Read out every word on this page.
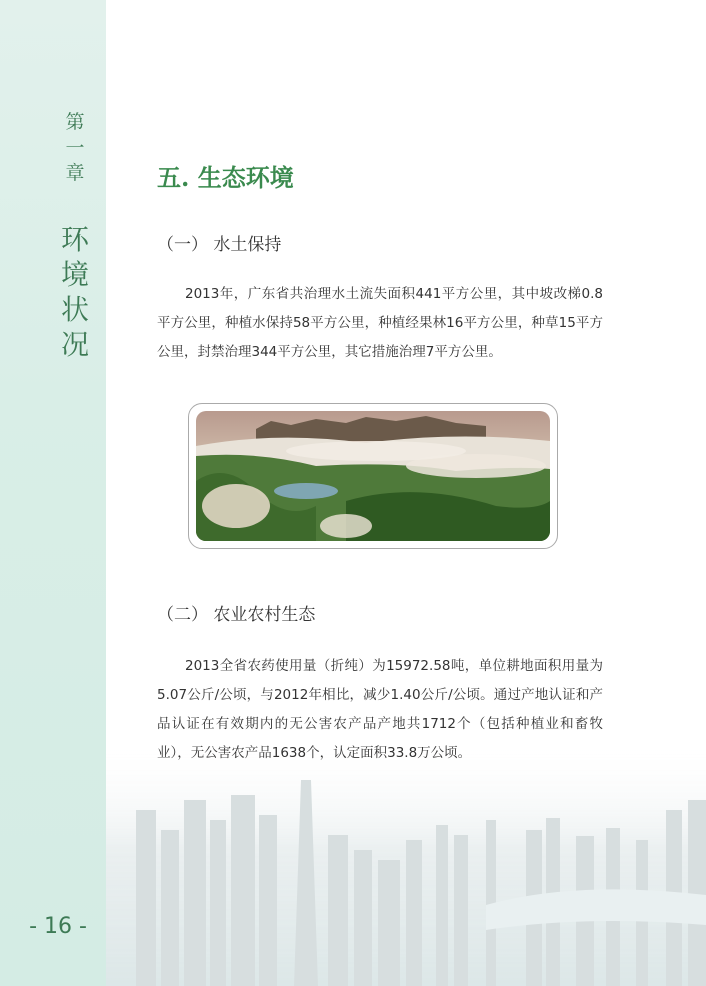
第
一
章
环
境
状
况
- 16 -
五. 生态环境
（一） 水土保持
2013年，广东省共治理水土流失面积441平方公里，其中坡改梯0.8平方公里，种植水保持58平方公里，种植经果林16平方公里，种草15平方公里，封禁治理344平方公里，其它措施治理7平方公里。
（二） 农业农村生态
2013全省农药使用量（折纯）为15972.58吨，单位耕地面积用量为5.07公斤/公顷，与2012年相比，减少1.40公斤/公顷。通过产地认证和产品认证在有效期内的无公害农产品产地共1712个（包括种植业和畜牧业），无公害农产品1638个，认定面积33.8万公顷。
